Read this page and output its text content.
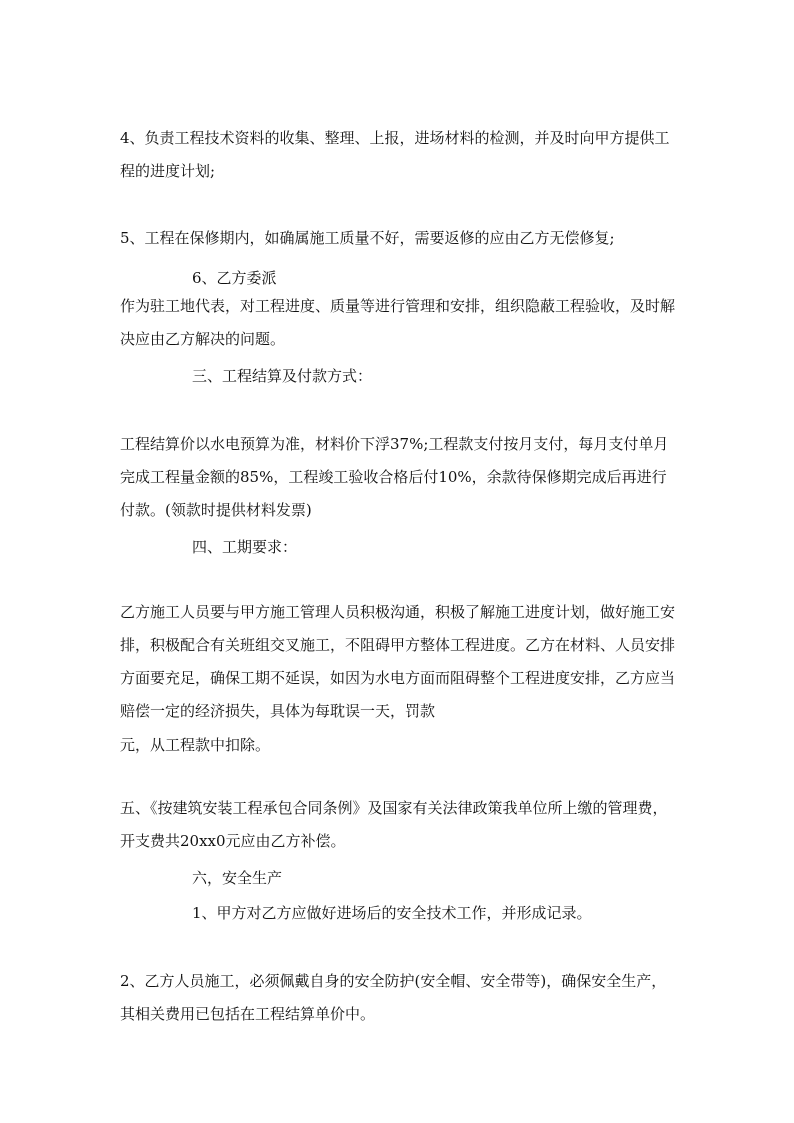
4、负责工程技术资料的收集、整理、上报，进场材料的检测，并及时向甲方提供工程的进度计划;

5、工程在保修期内，如确属施工质量不好，需要返修的应由乙方无偿修复;

6、乙方委派

作为驻工地代表，对工程进度、质量等进行管理和安排，组织隐蔽工程验收，及时解决应由乙方解决的问题。

三、工程结算及付款方式：

工程结算价以水电预算为准，材料价下浮37%;工程款支付按月支付，每月支付单月完成工程量金额的85%，工程竣工验收合格后付10%，余款待保修期完成后再进行付款。(领款时提供材料发票)

四、工期要求：

乙方施工人员要与甲方施工管理人员积极沟通，积极了解施工进度计划，做好施工安排，积极配合有关班组交叉施工，不阻碍甲方整体工程进度。乙方在材料、人员安排方面要充足，确保工期不延误，如因为水电方面而阻碍整个工程进度安排，乙方应当赔偿一定的经济损失，具体为每耽误一天，罚款

元，从工程款中扣除。

五、《按建筑安装工程承包合同条例》及国家有关法律政策我单位所上缴的管理费，开支费共20xx0元应由乙方补偿。

六，安全生产

1、甲方对乙方应做好进场后的安全技术工作，并形成记录。

2、乙方人员施工，必须佩戴自身的安全防护(安全帽、安全带等)，确保安全生产，其相关费用已包括在工程结算单价中。
